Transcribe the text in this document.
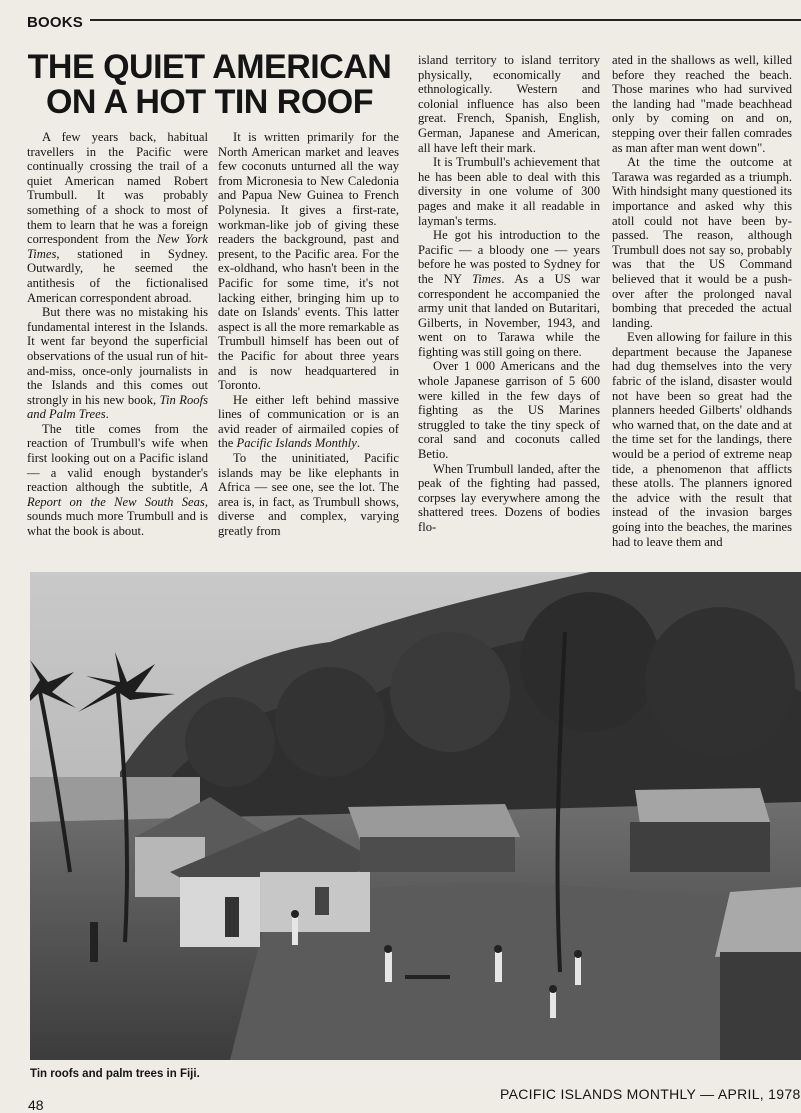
BOOKS
THE QUIET AMERICAN
ON A HOT TIN ROOF

A few years back, habitual travellers in the Pacific were continually crossing the trail of a quiet American named Robert Trumbull. It was probably something of a shock to most of them to learn that he was a foreign correspondent from the New York Times, stationed in Sydney. Outwardly, he seemed the antithesis of the fictionalised American correspondent abroad.

But there was no mistaking his fundamental interest in the Islands. It went far beyond the superficial observations of the usual run of hit-and-miss, once-only journalists in the Islands and this comes out strongly in his new book, Tin Roofs and Palm Trees.

The title comes from the reaction of Trumbull's wife when first looking out on a Pacific island — a valid enough bystander's reaction although the subtitle, A Report on the New South Seas, sounds much more Trumbull and is what the book is about.

It is written primarily for the North American market and leaves few coconuts unturned all the way from Micronesia to New Caledonia and Papua New Guinea to French Polynesia. It gives a first-rate, workman-like job of giving these readers the background, past and present, to the Pacific area. For the ex-oldhand, who hasn't been in the Pacific for some time, it's not lacking either, bringing him up to date on Islands' events. This latter aspect is all the more remarkable as Trumbull himself has been out of the Pacific for about three years and is now headquartered in Toronto.

He either left behind massive lines of communication or is an avid reader of airmailed copies of the Pacific Islands Monthly.

To the uninitiated, Pacific islands may be like elephants in Africa — see one, see the lot. The area is, in fact, as Trumbull shows, diverse and complex, varying greatly from

island territory to island territory physically, economically and ethnologically. Western and colonial influence has also been great. French, Spanish, English, German, Japanese and American, all have left their mark.

It is Trumbull's achievement that he has been able to deal with this diversity in one volume of 300 pages and make it all readable in layman's terms.

He got his introduction to the Pacific — a bloody one — years before he was posted to Sydney for the NY Times. As a US war correspondent he accompanied the army unit that landed on Butaritari, Gilberts, in November, 1943, and went on to Tarawa while the fighting was still going on there.

Over 1 000 Americans and the whole Japanese garrison of 5 600 were killed in the few days of fighting as the US Marines struggled to take the tiny speck of coral sand and coconuts called Betio.

When Trumbull landed, after the peak of the fighting had passed, corpses lay everywhere among the shattered trees. Dozens of bodies flo-

ated in the shallows as well, killed before they reached the beach. Those marines who had survived the landing had "made beachhead only by coming on and on, stepping over their fallen comrades as man after man went down".

At the time the outcome at Tarawa was regarded as a triumph. With hindsight many questioned its importance and asked why this atoll could not have been by-passed. The reason, although Trumbull does not say so, probably was that the US Command believed that it would be a push-over after the prolonged naval bombing that preceded the actual landing.

Even allowing for failure in this department because the Japanese had dug themselves into the very fabric of the island, disaster would not have been so great had the planners heeded Gilberts' oldhands who warned that, on the date and at the time set for the landings, there would be a period of extreme neap tide, a phenomenon that afflicts these atolls. The planners ignored the advice with the result that instead of the invasion barges going into the beaches, the marines had to leave them and

Tin roofs and palm trees in Fiji.
48
PACIFIC ISLANDS MONTHLY — APRIL, 1978
